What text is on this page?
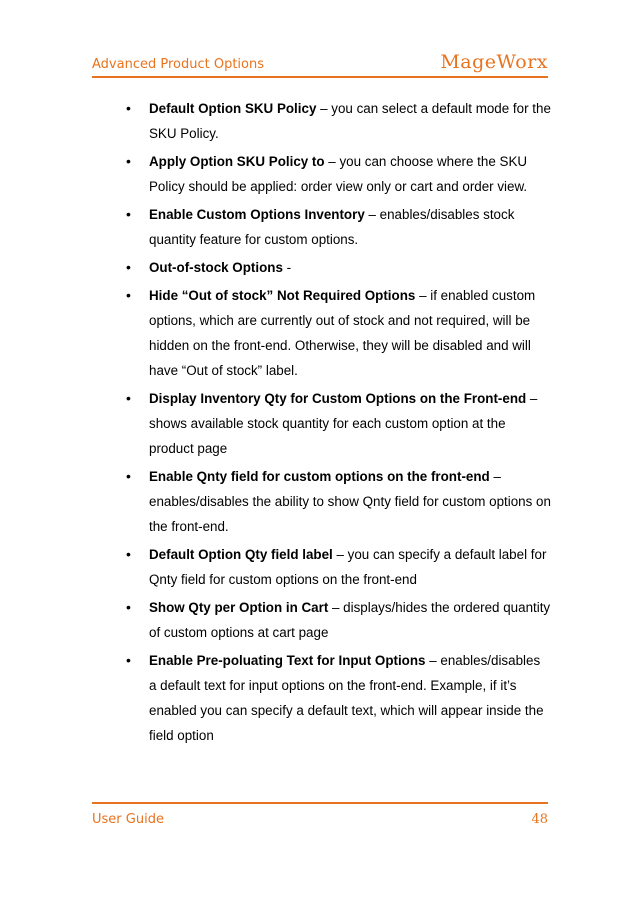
Advanced Product Options	MageWorx
• Default Option SKU Policy – you can select a default mode for the SKU Policy.
• Apply Option SKU Policy to – you can choose where the SKU Policy should be applied: order view only or cart and order view.
• Enable Custom Options Inventory – enables/disables stock quantity feature for custom options.
• Out-of-stock Options -
• Hide “Out of stock” Not Required Options – if enabled custom options, which are currently out of stock and not required, will be hidden on the front-end. Otherwise, they will be disabled and will have “Out of stock” label.
• Display Inventory Qty for Custom Options on the Front-end – shows available stock quantity for each custom option at the product page
• Enable Qnty field for custom options on the front-end – enables/disables the ability to show Qnty field for custom options on the front-end.
• Default Option Qty field label – you can specify a default label for Qnty field for custom options on the front-end
• Show Qty per Option in Cart – displays/hides the ordered quantity of custom options at cart page
• Enable Pre-poluating Text for Input Options – enables/disables a default text for input options on the front-end. Example, if it’s enabled you can specify a default text, which will appear inside the field option
User Guide	48
